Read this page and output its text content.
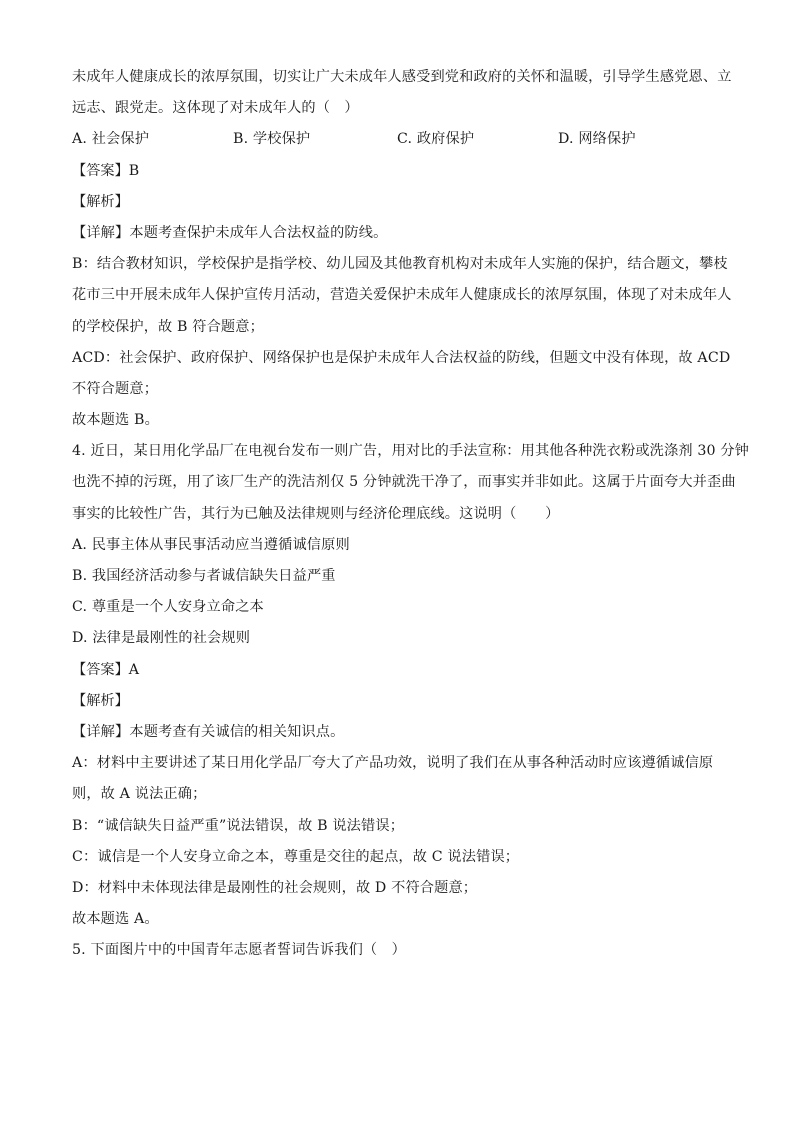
未成年人健康成长的浓厚氛围，切实让广大未成年人感受到党和政府的关怀和温暖，引导学生感党恩、立
远志、跟党走。这体现了对未成年人的（　）
A. 社会保护	B. 学校保护	C. 政府保护	D. 网络保护
【答案】B
【解析】
【详解】本题考查保护未成年人合法权益的防线。
B：结合教材知识，学校保护是指学校、幼儿园及其他教育机构对未成年人实施的保护，结合题文，攀枝
花市三中开展未成年人保护宣传月活动，营造关爱保护未成年人健康成长的浓厚氛围，体现了对未成年人
的学校保护，故 B 符合题意；
ACD：社会保护、政府保护、网络保护也是保护未成年人合法权益的防线，但题文中没有体现，故 ACD
不符合题意；
故本题选 B。
4. 近日，某日用化学品厂在电视台发布一则广告，用对比的手法宣称：用其他各种洗衣粉或洗涤剂 30 分钟
也洗不掉的污斑，用了该厂生产的洗洁剂仅 5 分钟就洗干净了，而事实并非如此。这属于片面夸大并歪曲
事实的比较性广告，其行为已触及法律规则与经济伦理底线。这说明（　　）
A. 民事主体从事民事活动应当遵循诚信原则
B. 我国经济活动参与者诚信缺失日益严重
C. 尊重是一个人安身立命之本
D. 法律是最刚性的社会规则
【答案】A
【解析】
【详解】本题考查有关诚信的相关知识点。
A：材料中主要讲述了某日用化学品厂夸大了产品功效，说明了我们在从事各种活动时应该遵循诚信原
则，故 A 说法正确；
B：“诚信缺失日益严重”说法错误，故 B 说法错误；
C：诚信是一个人安身立命之本，尊重是交往的起点，故 C 说法错误；
D：材料中未体现法律是最刚性的社会规则，故 D 不符合题意；
故本题选 A。
5. 下面图片中的中国青年志愿者誓词告诉我们（　）
